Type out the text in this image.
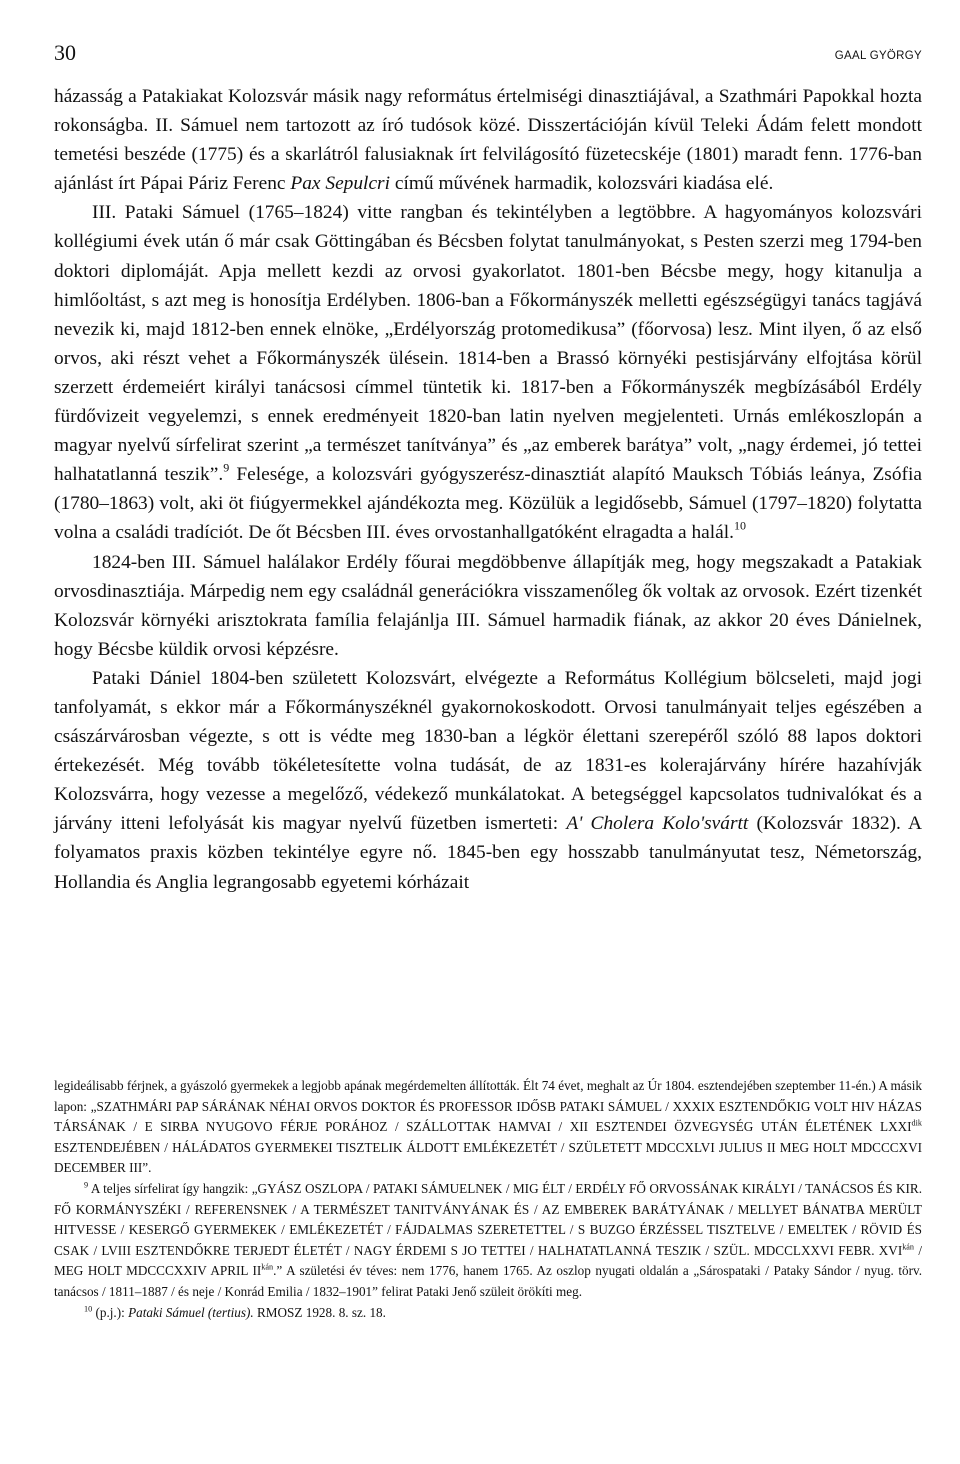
30	GAAL GYÖRGY

házasság a Patakiakat Kolozsvár másik nagy református értelmiségi dinasztiájával, a Szathmári Papokkal hozta rokonságba. II. Sámuel nem tartozott az író tudósok közé. Disszertációján kívül Teleki Ádám felett mondott temetési beszéde (1775) és a skarlátról falusiaknak írt felvilágosító füzetecskéje (1801) maradt fenn. 1776-ban ajánlást írt Pápai Páriz Ferenc Pax Sepulcri című művének harmadik, kolozsvári kiadása elé.

III. Pataki Sámuel (1765–1824) vitte rangban és tekintélyben a legtöbbre. A hagyományos kolozsvári kollégiumi évek után ő már csak Göttingában és Bécsben folytat tanulmányokat, s Pesten szerzi meg 1794-ben doktori diplomáját. Apja mellett kezdi az orvosi gyakorlatot. 1801-ben Bécsbe megy, hogy kitanulja a himlőoltást, s azt meg is honosítja Erdélyben. 1806-ban a Főkormányszék melletti egészségügyi tanács tagjává nevezik ki, majd 1812-ben ennek elnöke, „Erdélyország protomedikusa” (főorvosa) lesz. Mint ilyen, ő az első orvos, aki részt vehet a Főkormányszék ülésein. 1814-ben a Brassó környéki pestisjárvány elfojtása körül szerzett érdemeiért királyi tanácsosi címmel tüntetik ki. 1817-ben a Főkormányszék megbízásából Erdély fürdővizeit vegyelemzi, s ennek eredményeit 1820-ban latin nyelven megjelenteti. Urnás emlékoszlopán a magyar nyelvű sírfelirat szerint „a természet tanítványa” és „az emberek barátya” volt, „nagy érdemei, jó tettei halhatatlanná teszik”.$^9$ Felesége, a kolozsvári gyógyszerész-dinasztiát alapító Mauksch Tóbiás leánya, Zsófia (1780–1863) volt, aki öt fiúgyermekkel ajándékozta meg. Közülük a legidősebb, Sámuel (1797–1820) folytatta volna a családi tradíciót. De őt Bécsben III. éves orvostanhallgatóként elragadta a halál.$^{10}$

1824-ben III. Sámuel halálakor Erdély főurai megdöbbenve állapítják meg, hogy megszakadt a Patakiak orvosdinasztiája. Márpedig nem egy családnál generációkra visszamenőleg ők voltak az orvosok. Ezért tizenkét Kolozsvár környéki arisztokrata família felajánlja III. Sámuel harmadik fiának, az akkor 20 éves Dánielnek, hogy Bécsbe küldik orvosi képzésre.

Pataki Dániel 1804-ben született Kolozsvárt, elvégezte a Református Kollégium bölcseleti, majd jogi tanfolyamát, s ekkor már a Főkormányszéknél gyakornokoskodott. Orvosi tanulmányait teljes egészében a császárvárosban végezte, s ott is védte meg 1830-ban a légkör élettani szerepéről szóló 88 lapos doktori értekezését. Még tovább tökéletesítette volna tudását, de az 1831-es kolerajárvány hírére hazahívják Kolozsvárra, hogy vezesse a megelőző, védekező munkálatokat. A betegséggel kapcsolatos tudnivalókat és a járvány itteni lefolyását kis magyar nyelvű füzetben ismerteti: A' Cholera Kolo'svártt (Kolozsvár 1832). A folyamatos praxis közben tekintélye egyre nő. 1845-ben egy hosszabb tanulmányutat tesz, Németország, Hollandia és Anglia legrangosabb egyetemi kórházait

legideálisabb férjnek, a gyászoló gyermekek a legjobb apának megérdemelten állították. Élt 74 évet, meghalt az Úr 1804. esztendejében szeptember 11-én.) A másik lapon: „SZATHMÁRI PAP SÁRÁNAK NÉHAI ORVOS DOKTOR ÉS PROFESSOR IDŐSB PATAKI SÁMUEL / XXXIX ESZTENDŐKIG VOLT HIV HÁZAS TÁRSÁNAK / E SIRBA NYUGOVO FÉRJE PORÁHOZ / SZÁLLOTTAK HAMVAI / XII ESZTENDEI ÖZVEGYSÉG UTÁN ÉLETÉNEK $LXXI^{dik}$ ESZTENDEJÉBEN / HÁLÁDATOS GYERMEKEI TISZTELIK ÁLDOTT EMLÉKEZETÉT / SZÜLETETT MDCCXLVI JULIUS II MEG HOLT MDCCCXVI DECEMBER III”.

$^9$ A teljes sírfelirat így hangzik: „GYÁSZ OSZLOPA / PATAKI SÁMUELNEK / MIG ÉLT / ERDÉLY FŐ ORVOSSÁNAK KIRÁLYI / TANÁCSOS ÉS KIR. FŐ KORMÁNYSZÉKI / REFERENSNEK / A TERMÉSZET TANITVÁNYÁNAK ÉS / AZ EMBEREK BARÁTYÁNAK / MELLYET BÁNATBA MERÜLT HITVESSE / KESERGŐ GYERMEKEK / EMLÉKEZETÉT / FÁJDALMAS SZERETETTEL / S BUZGO ÉRZÉSSEL TISZTELVE / EMELTEK / RÖVID ÉS CSAK / LVIII ESZTENDŐKRE TERJEDT ÉLETÉT / NAGY ÉRDEMI S JO TETTEI / HALHATATLANNÁ TESZIK / SZÜL. MDCCLXXVI FEBR. $XVI^{kán}$ / MEG HOLT MDCCCXXIV APRIL $II^{kán}$.” A születési év téves: nem 1776, hanem 1765. Az oszlop nyugati oldalán a „Sárospataki / Pataky Sándor / nyug. törv. tanácsos / 1811–1887 / és neje / Konrád Emilia / 1832–1901” felirat Pataki Jenő szüleit örökíti meg.

$^{10}$ (p.j.): Pataki Sámuel (tertius). RMOSZ 1928. 8. sz. 18.
